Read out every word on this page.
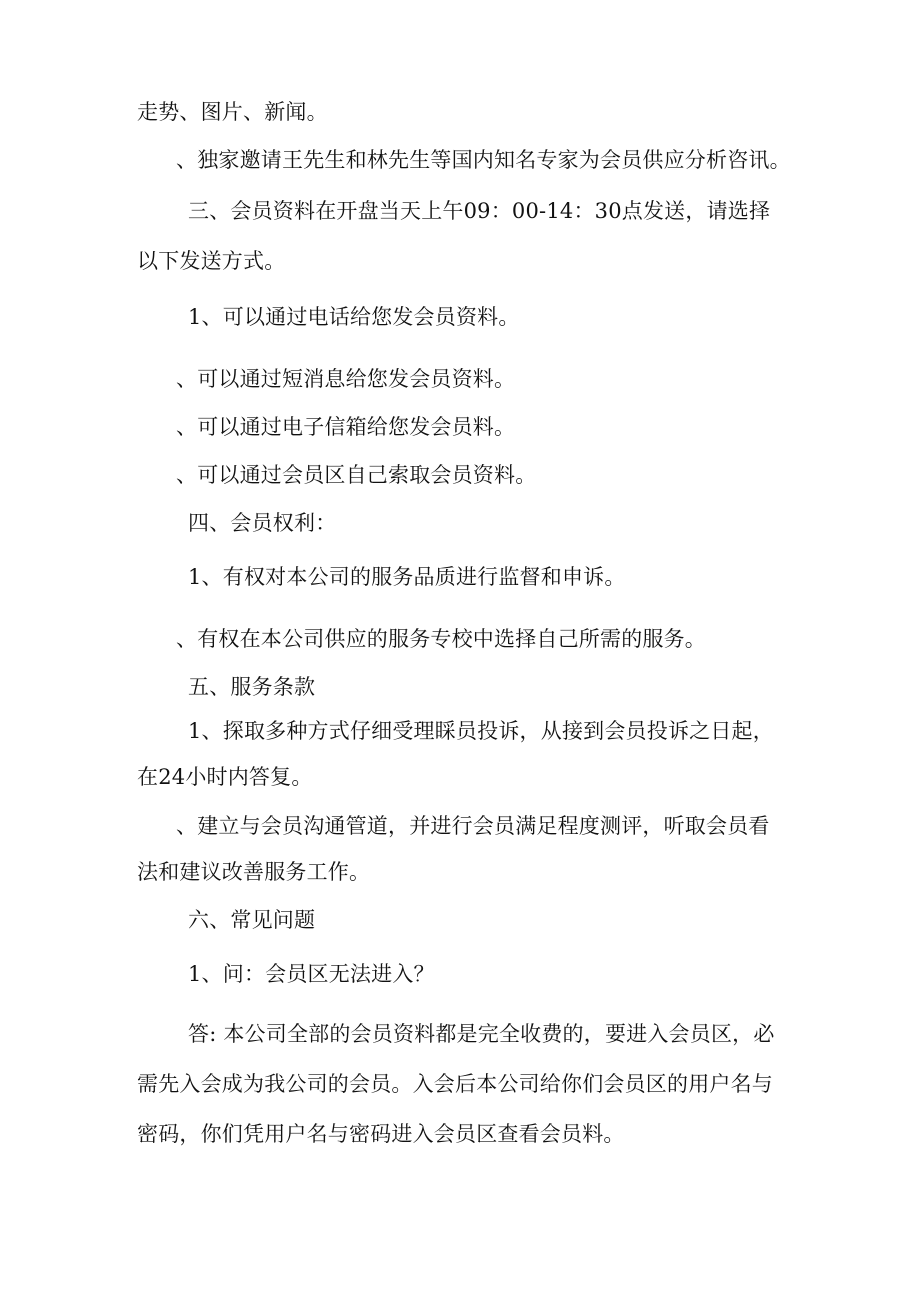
走势、图片、新闻。
、独家邀请王先生和林先生等国内知名专家为会员供应分析咨讯。
三、会员资料在开盘当天上午09：00-14：30点发送，请选择
以下发送方式。
1、可以通过电话给您发会员资料。
、可以通过短消息给您发会员资料。
、可以通过电子信箱给您发会员料。
、可以通过会员区自己索取会员资料。
四、会员权利：
1、有权对本公司的服务品质进行监督和申诉。
、有权在本公司供应的服务专校中选择自己所需的服务。
五、服务条款
1、探取多种方式仔细受理睬员投诉，从接到会员投诉之日起，
在24小时内答复。
、建立与会员沟通管道，并进行会员满足程度测评，听取会员看
法和建议改善服务工作。
六、常见问题
1、问：会员区无法进入？
答: 本公司全部的会员资料都是完全收费的，要进入会员区，必
需先入会成为我公司的会员。入会后本公司给你们会员区的用户名与
密码，你们凭用户名与密码进入会员区查看会员料。
